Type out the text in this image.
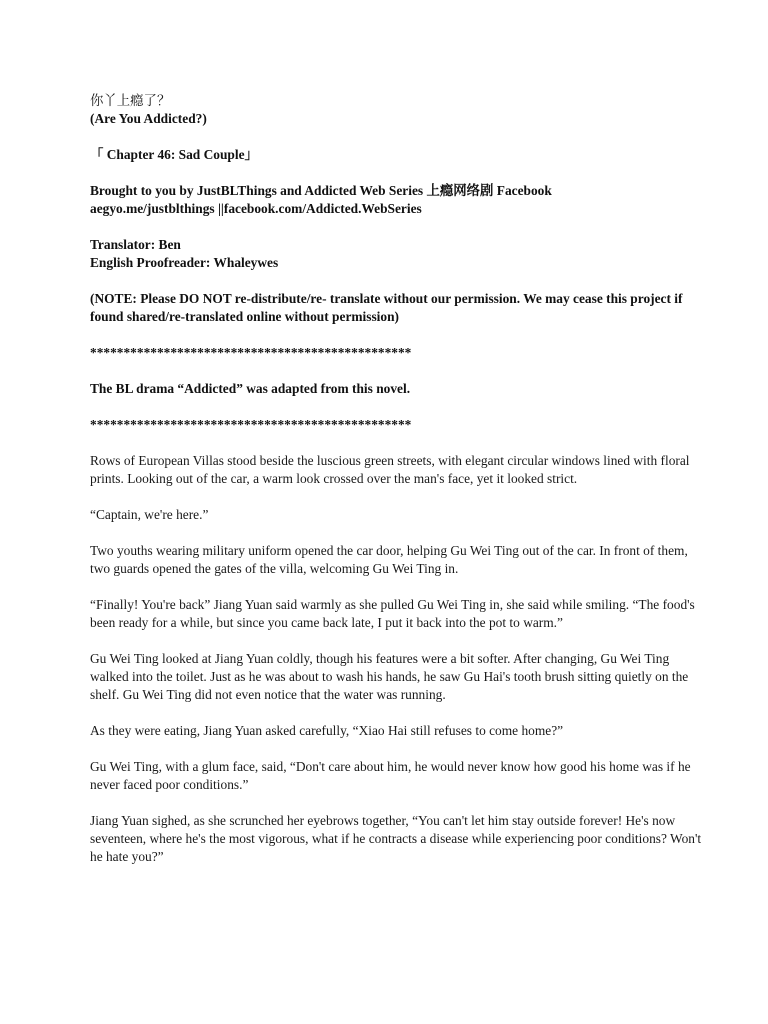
你丫上瘾了？
(Are You Addicted?)
「 Chapter 46: Sad Couple」
Brought to you by JustBLThings and Addicted Web Series 上瘾网络剧 Facebook
aegyo.me/justblthings ||facebook.com/Addicted.WebSeries
Translator: Ben
English Proofreader: Whaleywes
(NOTE: Please DO NOT re-distribute/re- translate without our permission. We may cease this project if found shared/re-translated online without permission)
************************************************
The BL drama “Addicted” was adapted from this novel.
************************************************
Rows of European Villas stood beside the luscious green streets, with elegant circular windows lined with floral prints. Looking out of the car, a warm look crossed over the man's face, yet it looked strict.
“Captain, we're here.”
Two youths wearing military uniform opened the car door, helping Gu Wei Ting out of the car. In front of them, two guards opened the gates of the villa, welcoming Gu Wei Ting in.
“Finally! You're back” Jiang Yuan said warmly as she pulled Gu Wei Ting in, she said while smiling. “The food's been ready for a while, but since you came back late, I put it back into the pot to warm.”
Gu Wei Ting looked at Jiang Yuan coldly, though his features were a bit softer. After changing, Gu Wei Ting walked into the toilet. Just as he was about to wash his hands, he saw Gu Hai's tooth brush sitting quietly on the shelf. Gu Wei Ting did not even notice that the water was running.
As they were eating, Jiang Yuan asked carefully, “Xiao Hai still refuses to come home?”
Gu Wei Ting, with a glum face, said, “Don't care about him, he would never know how good his home was if he never faced poor conditions.”
Jiang Yuan sighed, as she scrunched her eyebrows together, “You can't let him stay outside forever! He's now seventeen, where he's the most vigorous, what if he contracts a disease while experiencing poor conditions? Won't he hate you?”
